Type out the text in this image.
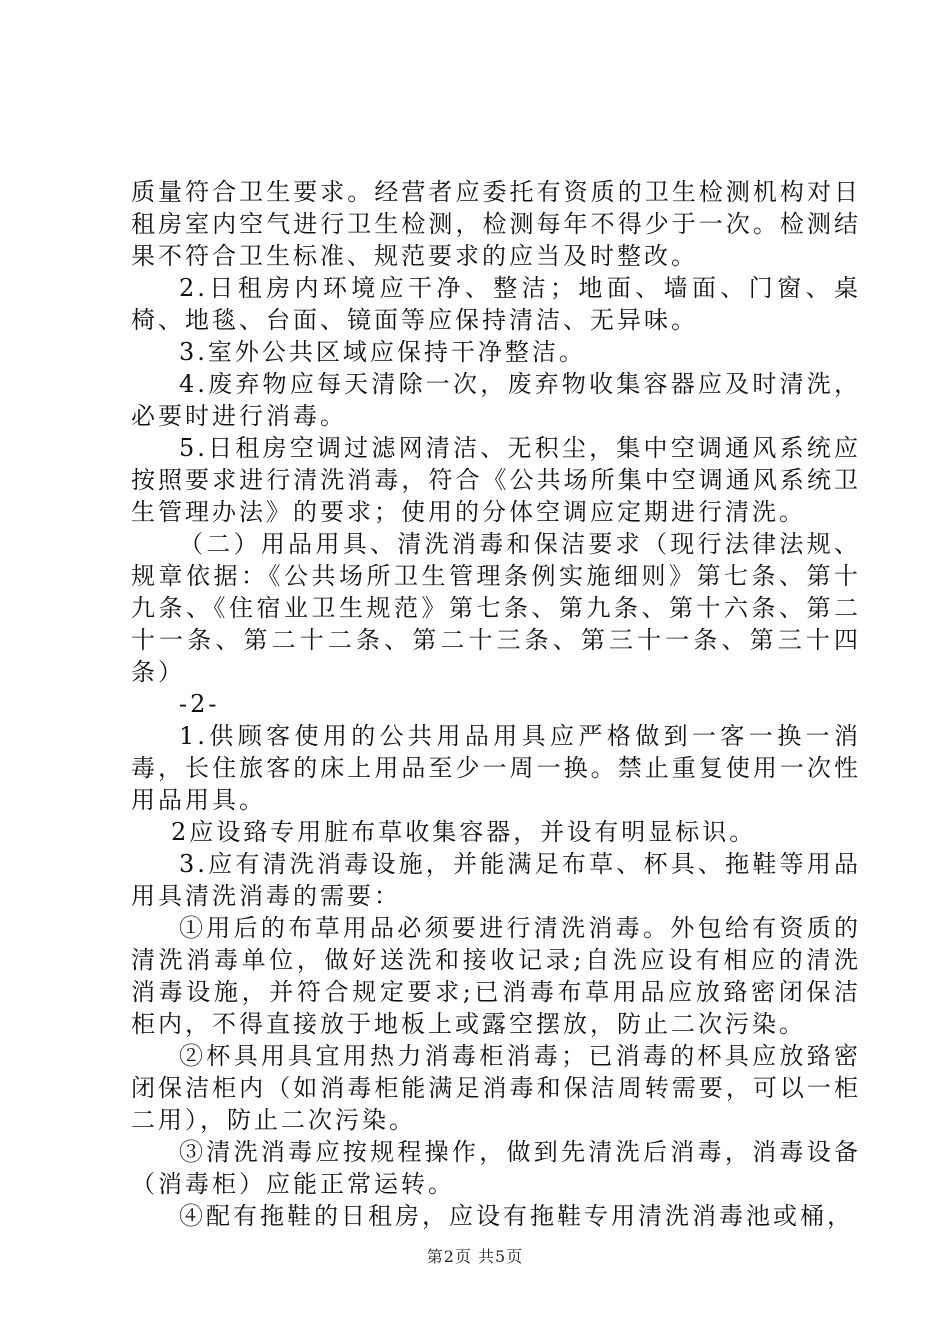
质量符合卫生要求。经营者应委托有资质的卫生检测机构对日租房室内空气进行卫生检测，检测每年不得少于一次。检测结果不符合卫生标准、规范要求的应当及时整改。

2.日租房内环境应干净、整洁；地面、墙面、门窗、桌椅、地毯、台面、镜面等应保持清洁、无异味。

3.室外公共区域应保持干净整洁。

4.废弃物应每天清除一次，废弃物收集容器应及时清洗，必要时进行消毒。

5.日租房空调过滤网清洁、无积尘，集中空调通风系统应按照要求进行清洗消毒，符合《公共场所集中空调通风系统卫生管理办法》的要求；使用的分体空调应定期进行清洗。

（二）用品用具、清洗消毒和保洁要求（现行法律法规、规章依据：《公共场所卫生管理条例实施细则》第七条、第十九条、《住宿业卫生规范》第七条、第九条、第十六条、第二十一条、第二十二条、第二十三条、第三十一条、第三十四条）

-2-

1.供顾客使用的公共用品用具应严格做到一客一换一消毒，长住旅客的床上用品至少一周一换。禁止重复使用一次性用品用具。

2应设臵专用脏布草收集容器，并设有明显标识。

3.应有清洗消毒设施，并能满足布草、杯具、拖鞋等用品用具清洗消毒的需要：

①用后的布草用品必须要进行清洗消毒。外包给有资质的清洗消毒单位，做好送洗和接收记录;自洗应设有相应的清洗消毒设施，并符合规定要求;已消毒布草用品应放臵密闭保洁柜内，不得直接放于地板上或露空摆放，防止二次污染。

②杯具用具宜用热力消毒柜消毒；已消毒的杯具应放臵密闭保洁柜内（如消毒柜能满足消毒和保洁周转需要，可以一柜二用），防止二次污染。

③清洗消毒应按规程操作，做到先清洗后消毒，消毒设备（消毒柜）应能正常运转。

④配有拖鞋的日租房，应设有拖鞋专用清洗消毒池或桶，

第2页 共5页
